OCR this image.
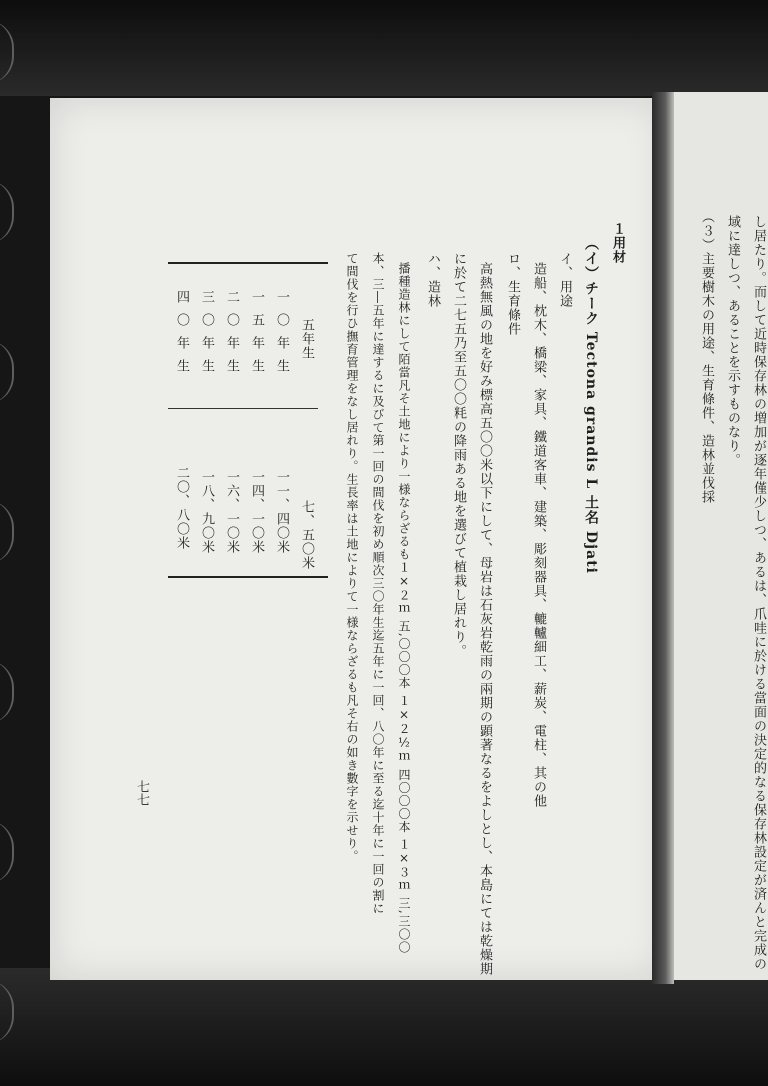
し居たり。而して近時保存林の増加が逐年僅少しつ、あるは、爪哇に於ける當面の決定的なる保存林設定が済んと完成の
域に達しつ、あることを示すものなり。
（３）主要樹木の用途、生育條件、造林並伐採
１用材
（イ）チーク Tectona grandis L 土名 Djati
イ、用途
造船、枕木、橋梁、家具、鐵道客車、建築、彫刻器具、轆轤細工、薪炭、電柱、其の他
ロ、生育條件
高熱無風の地を好み標高五〇〇米以下にして、母岩は石灰岩乾雨の兩期の顕著なるをよしとし、本島にては乾燥期
に於て二七五乃至五〇〇粍の降雨ある地を選びて植栽し居れり。
ハ、造林
播種造林にして陌當凡そ土地により一様ならざるも１×２ｍ 五,〇〇〇本 １×２½ｍ 四〇〇〇本 １×３ｍ 三,三〇〇
本、三―五年に達するに及びて第一回の間伐を初め順次三〇年生迄五年に一回、八〇年に至る迄十年に一回の割に
て間伐を行ひ撫育管理をなし居れり。生長率は土地によりて一様ならざるも凡そ右の如き數字を示せり。
五年生
七、五〇米
一〇年生
一一、四〇米
一五年生
一四、一〇米
二〇年生
一六、一〇米
三〇年生
一八、九〇米
四〇年生
二〇、八〇米
七七
